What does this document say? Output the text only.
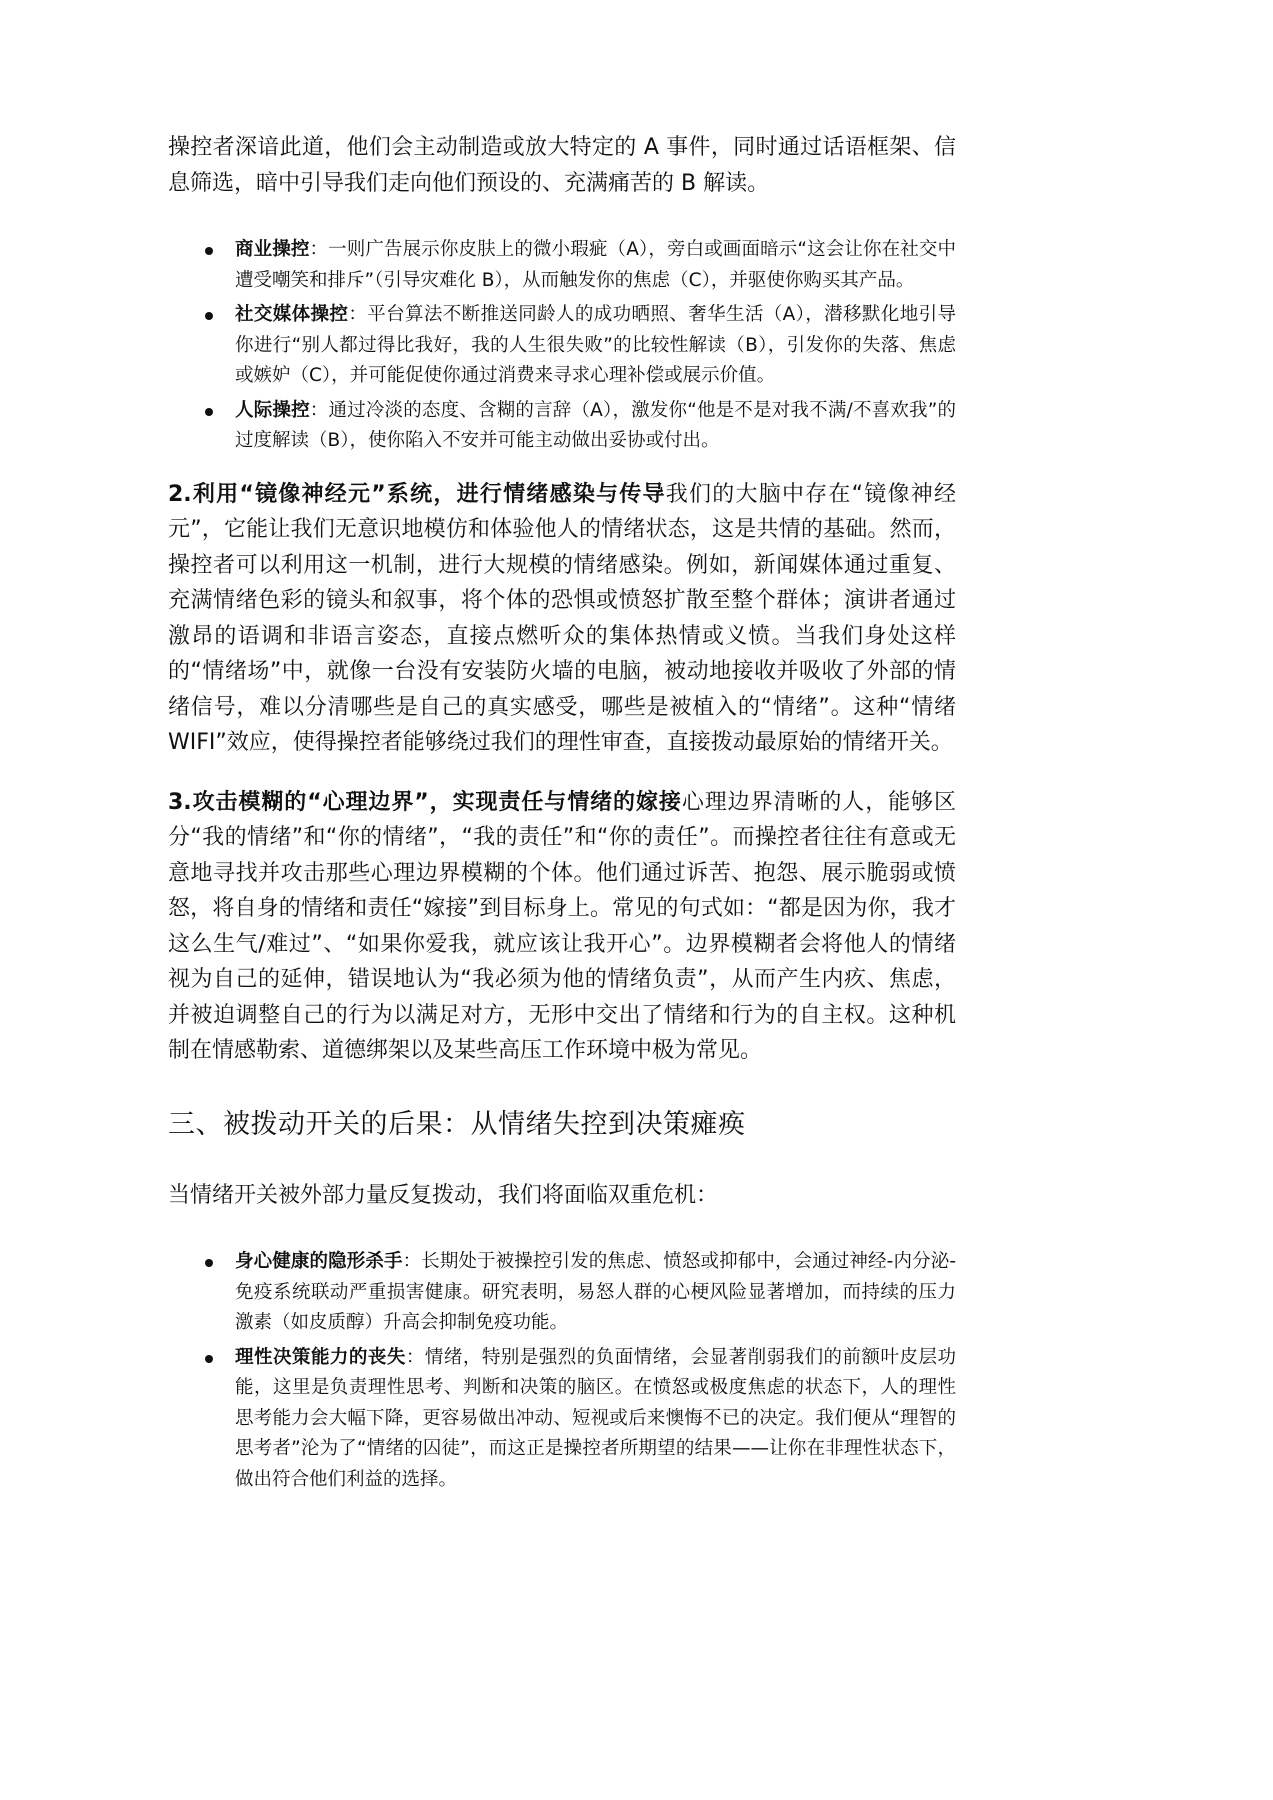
操控者深谙此道，他们会主动制造或放大特定的 A 事件，同时通过话语框架、信息筛选，暗中引导我们走向他们预设的、充满痛苦的 B 解读。

商业操控：一则广告展示你皮肤上的微小瑕疵（A），旁白或画面暗示“这会让你在社交中遭受嘲笑和排斥”（引导灾难化 B），从而触发你的焦虑（C），并驱使你购买其产品。
社交媒体操控：平台算法不断推送同龄人的成功晒照、奢华生活（A），潜移默化地引导你进行“别人都过得比我好，我的人生很失败”的比较性解读（B），引发你的失落、焦虑或嫉妒（C），并可能促使你通过消费来寻求心理补偿或展示价值。
人际操控：通过冷淡的态度、含糊的言辞（A），激发你“他是不是对我不满/不喜欢我”的过度解读（B），使你陷入不安并可能主动做出妥协或付出。

2.利用“镜像神经元”系统，进行情绪感染与传导我们的大脑中存在“镜像神经元”，它能让我们无意识地模仿和体验他人的情绪状态，这是共情的基础。然而，操控者可以利用这一机制，进行大规模的情绪感染。例如，新闻媒体通过重复、充满情绪色彩的镜头和叙事，将个体的恐惧或愤怒扩散至整个群体；演讲者通过激昂的语调和非语言姿态，直接点燃听众的集体热情或义愤。当我们身处这样的“情绪场”中，就像一台没有安装防火墙的电脑，被动地接收并吸收了外部的情绪信号，难以分清哪些是自己的真实感受，哪些是被植入的“情绪”。这种“情绪 WIFI”效应，使得操控者能够绕过我们的理性审查，直接拨动最原始的情绪开关。

3.攻击模糊的“心理边界”，实现责任与情绪的嫁接心理边界清晰的人，能够区分“我的情绪”和“你的情绪”，“我的责任”和“你的责任”。而操控者往往有意或无意地寻找并攻击那些心理边界模糊的个体。他们通过诉苦、抱怨、展示脆弱或愤怒，将自身的情绪和责任“嫁接”到目标身上。常见的句式如：“都是因为你，我才这么生气/难过”、“如果你爱我，就应该让我开心”。边界模糊者会将他人的情绪视为自己的延伸，错误地认为“我必须为他的情绪负责”，从而产生内疚、焦虑，并被迫调整自己的行为以满足对方，无形中交出了情绪和行为的自主权。这种机制在情感勒索、道德绑架以及某些高压工作环境中极为常见。

三、被拨动开关的后果：从情绪失控到决策瘫痪

当情绪开关被外部力量反复拨动，我们将面临双重危机：

身心健康的隐形杀手：长期处于被操控引发的焦虑、愤怒或抑郁中，会通过神经-内分泌-免疫系统联动严重损害健康。研究表明，易怒人群的心梗风险显著增加，而持续的压力激素（如皮质醇）升高会抑制免疫功能。
理性决策能力的丧失：情绪，特别是强烈的负面情绪，会显著削弱我们的前额叶皮层功能，这里是负责理性思考、判断和决策的脑区。在愤怒或极度焦虑的状态下，人的理性思考能力会大幅下降，更容易做出冲动、短视或后来懊悔不已的决定。我们便从“理智的思考者”沦为了“情绪的囚徒”，而这正是操控者所期望的结果——让你在非理性状态下，做出符合他们利益的选择。
